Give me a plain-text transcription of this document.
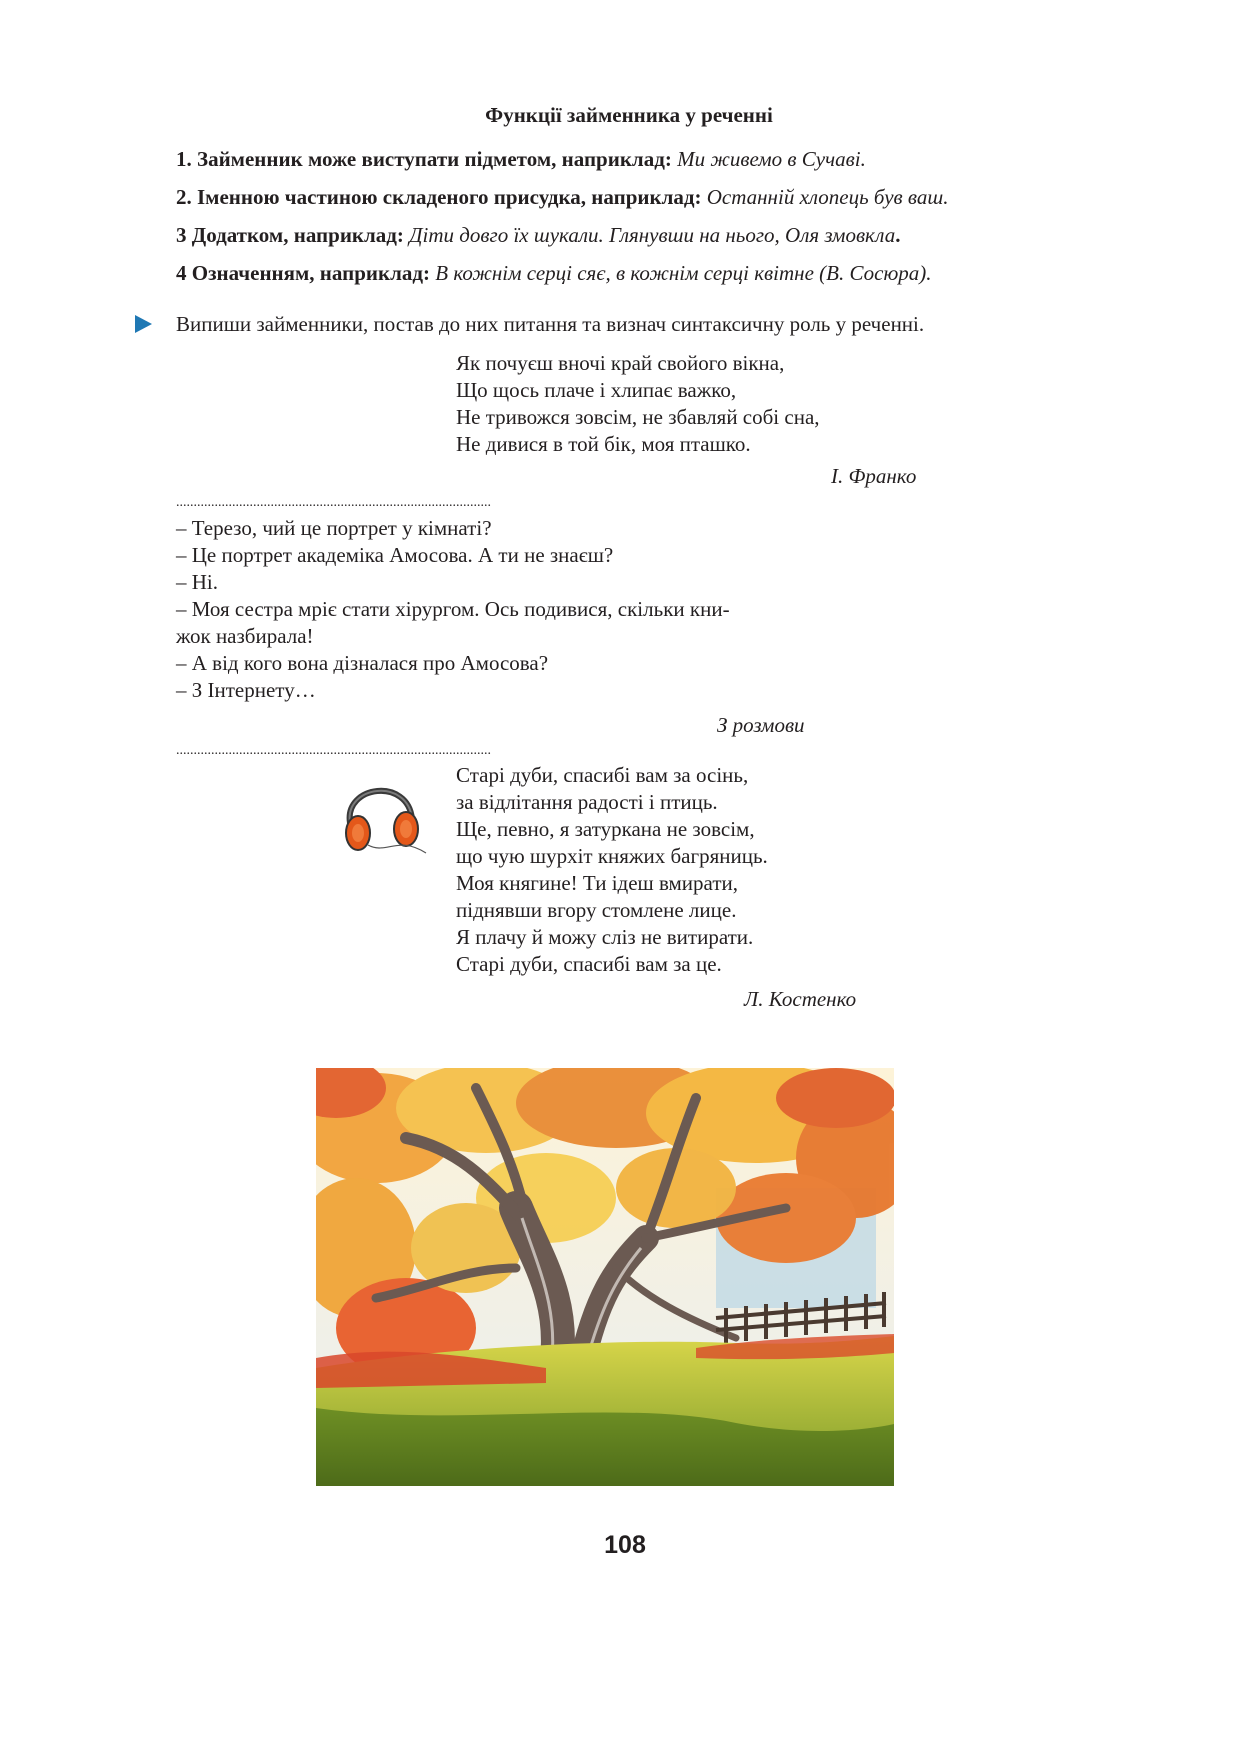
Функції займенника у реченні
1. Займенник може виступати підметом, наприклад: Ми живемо в Сучаві.
2. Іменною частиною складеного присудка, наприклад: Останній хлопець був ваш.
3 Додатком, наприклад: Діти довго їх шукали. Глянувши на нього, Оля змовкла.
4 Означенням, наприклад: В кожнім серці сяє, в кожнім серці квітне (В. Сосюра).
Випиши займенники, постав до них питання та визнач синтаксичну роль у реченні.
Як почуєш вночі край свойого вікна,
Що щось плаче і хлипає важко,
Не тривожся зовсім, не збавляй собі сна,
Не дивися в той бік, моя пташко.
І. Франко
..........................................................................................
– Терезо, чий це портрет у кімнаті?
– Це портрет академіка Амосова. А ти не знаєш?
– Ні.
– Моя сестра мріє стати хірургом. Ось подивися, скільки кни-
жок назбирала!
– А від кого вона дізналася про Амосова?
– З Інтернету…
З розмови
..........................................................................................
Старі дуби, спасибі вам за осінь,
за відлітання радості і птиць.
Ще, певно, я затуркана не зовсім,
що чую шурхіт княжих багряниць.
Моя княгине! Ти ідеш вмирати,
піднявши вгору стомлене лице.
Я плачу й можу сліз не витирати.
Старі дуби, спасибі вам за це.
Л. Костенко
108
